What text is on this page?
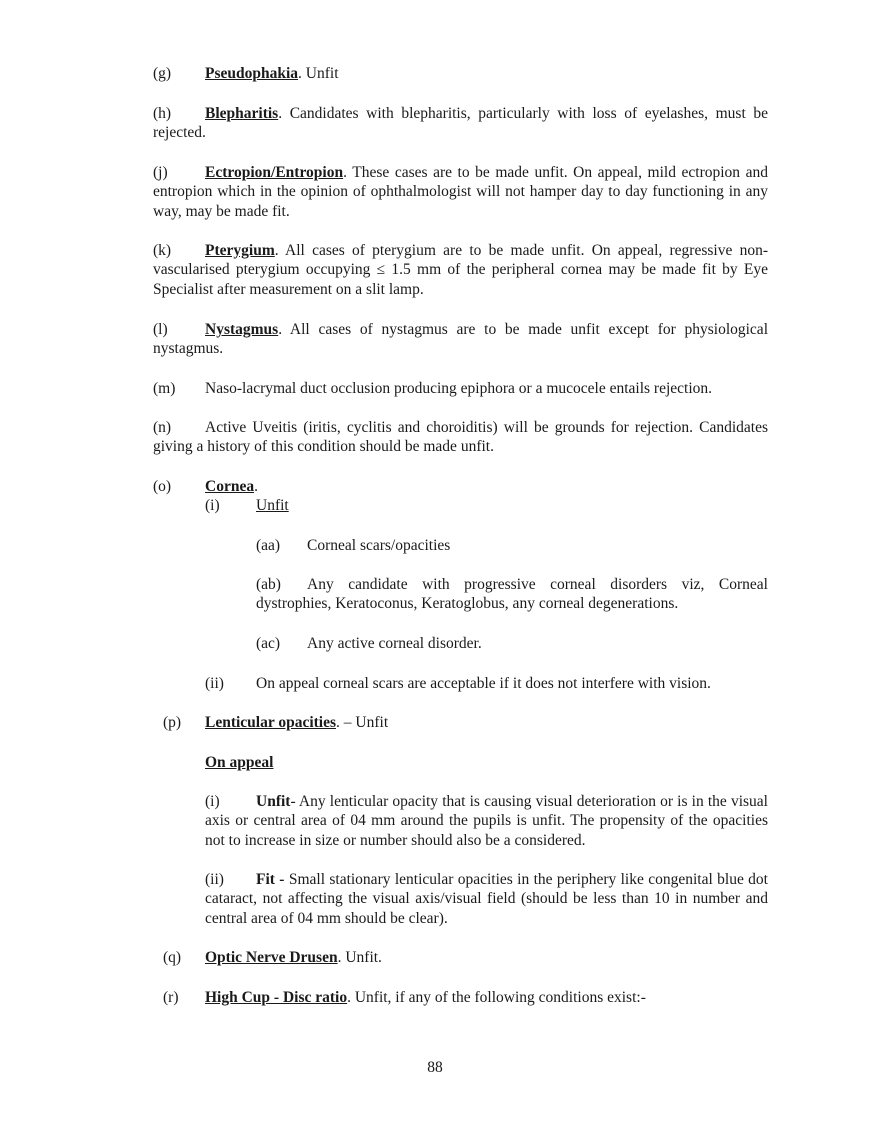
(g) Pseudophakia. Unfit
(h) Blepharitis. Candidates with blepharitis, particularly with loss of eyelashes, must be rejected.
(j) Ectropion/Entropion. These cases are to be made unfit. On appeal, mild ectropion and entropion which in the opinion of ophthalmologist will not hamper day to day functioning in any way, may be made fit.
(k) Pterygium. All cases of pterygium are to be made unfit. On appeal, regressive non-vascularised pterygium occupying ≤ 1.5 mm of the peripheral cornea may be made fit by Eye Specialist after measurement on a slit lamp.
(l) Nystagmus. All cases of nystagmus are to be made unfit except for physiological nystagmus.
(m) Naso-lacrymal duct occlusion producing epiphora or a mucocele entails rejection.
(n) Active Uveitis (iritis, cyclitis and choroiditis) will be grounds for rejection. Candidates giving a history of this condition should be made unfit.
(o) Cornea.
(i) Unfit
(aa) Corneal scars/opacities
(ab) Any candidate with progressive corneal disorders viz, Corneal dystrophies, Keratoconus, Keratoglobus, any corneal degenerations.
(ac) Any active corneal disorder.
(ii) On appeal corneal scars are acceptable if it does not interfere with vision.
(p) Lenticular opacities. – Unfit
On appeal
(i) Unfit- Any lenticular opacity that is causing visual deterioration or is in the visual axis or central area of 04 mm around the pupils is unfit. The propensity of the opacities not to increase in size or number should also be a considered.
(ii) Fit - Small stationary lenticular opacities in the periphery like congenital blue dot cataract, not affecting the visual axis/visual field (should be less than 10 in number and central area of 04 mm should be clear).
(q) Optic Nerve Drusen. Unfit.
(r) High Cup - Disc ratio. Unfit, if any of the following conditions exist:-
88
